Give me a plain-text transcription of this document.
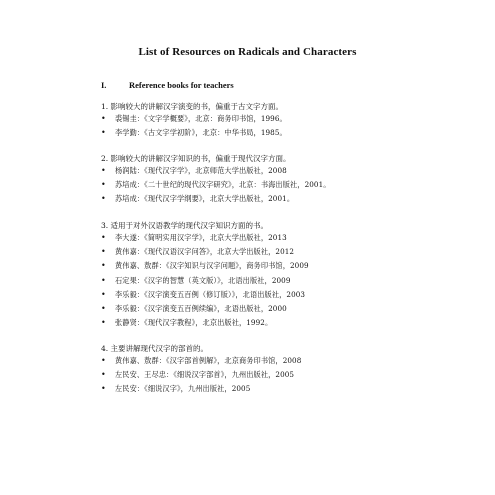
List of Resources on Radicals and Characters
I.	Reference books for teachers
1. 影响较大的讲解汉字演变的书，偏重于古文字方面。
•	裘锡圭：《文字学概要》，北京：商务印书馆，1996。
•	李学勤：《古文字学初阶》，北京：中华书局，1985。
2. 影响较大的讲解汉字知识的书，偏重于现代汉字方面。
•	杨润陆：《现代汉字学》，北京师范大学出版社，2008
•	苏培成：《二十世纪的现代汉字研究》，北京：书海出版社，2001。
•	苏培成：《现代汉字学纲要》，北京大学出版社，2001。
3. 适用于对外汉语教学的现代汉字知识方面的书。
•	李大遂：《简明实用汉字学》，北京大学出版社，2013
•	黄伟嘉：《现代汉语汉字问答》，北京大学出版社，2012
•	黄伟嘉、敖群：《汉字知识与汉字问题》，商务印书馆，2009
•	石定果：《汉字的智慧（英文版）》，北语出版社，2009
•	李乐毅：《汉字演变五百例（修订版）》，北语出版社，2003
•	李乐毅：《汉字演变五百例续编》，北语出版社，2000
•	张静贤：《现代汉字教程》，北京出版社，1992。
4. 主要讲解现代汉字的部首的。
•	黄伟嘉、敖群：《汉字部首例解》，北京商务印书馆，2008
•	左民安、王尽忠：《细说汉字部首》，九州出版社，2005
•	左民安：《细说汉字》，九州出版社，2005
